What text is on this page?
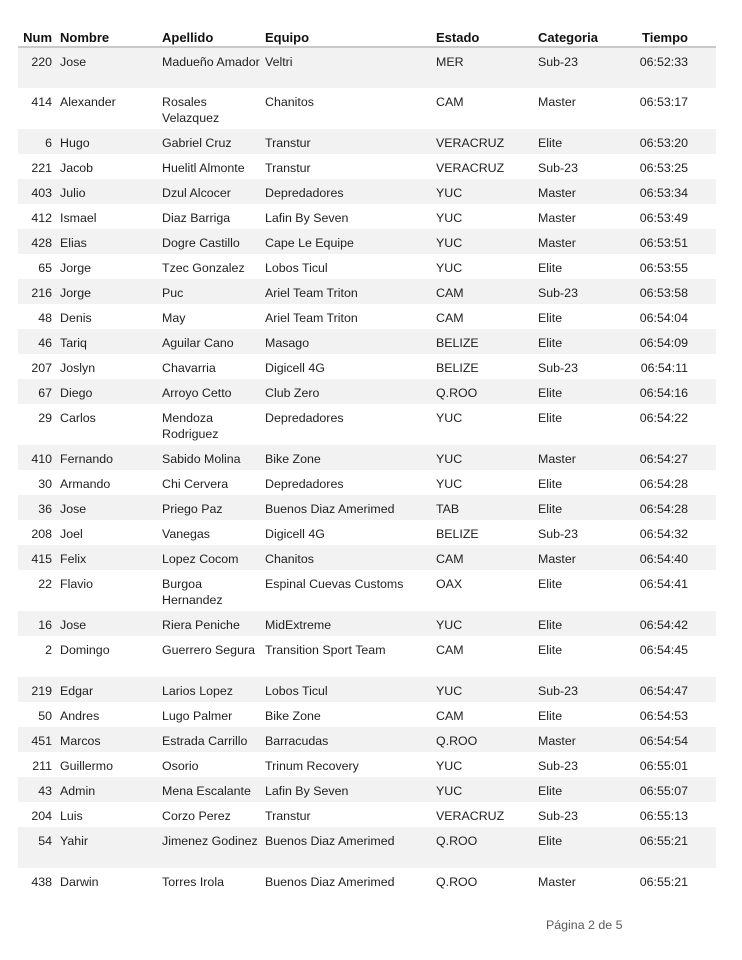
Num	Nombre	Apellido	Equipo	Estado	Categoria	Tiempo
220	Jose	Madueño Amador	Veltri	MER	Sub-23	06:52:33
414	Alexander	Rosales Velazquez	Chanitos	CAM	Master	06:53:17
6	Hugo	Gabriel Cruz	Transtur	VERACRUZ	Elite	06:53:20
221	Jacob	Huelitl Almonte	Transtur	VERACRUZ	Sub-23	06:53:25
403	Julio	Dzul Alcocer	Depredadores	YUC	Master	06:53:34
412	Ismael	Diaz Barriga	Lafin By Seven	YUC	Master	06:53:49
428	Elias	Dogre Castillo	Cape Le Equipe	YUC	Master	06:53:51
65	Jorge	Tzec Gonzalez	Lobos Ticul	YUC	Elite	06:53:55
216	Jorge	Puc	Ariel Team Triton	CAM	Sub-23	06:53:58
48	Denis	May	Ariel Team Triton	CAM	Elite	06:54:04
46	Tariq	Aguilar Cano	Masago	BELIZE	Elite	06:54:09
207	Joslyn	Chavarria	Digicell 4G	BELIZE	Sub-23	06:54:11
67	Diego	Arroyo Cetto	Club Zero	Q.ROO	Elite	06:54:16
29	Carlos	Mendoza Rodriguez	Depredadores	YUC	Elite	06:54:22
410	Fernando	Sabido Molina	Bike Zone	YUC	Master	06:54:27
30	Armando	Chi Cervera	Depredadores	YUC	Elite	06:54:28
36	Jose	Priego Paz	Buenos Diaz Amerimed	TAB	Elite	06:54:28
208	Joel	Vanegas	Digicell 4G	BELIZE	Sub-23	06:54:32
415	Felix	Lopez Cocom	Chanitos	CAM	Master	06:54:40
22	Flavio	Burgoa Hernandez	Espinal Cuevas Customs	OAX	Elite	06:54:41
16	Jose	Riera Peniche	MidExtreme	YUC	Elite	06:54:42
2	Domingo	Guerrero Segura	Transition Sport Team	CAM	Elite	06:54:45
219	Edgar	Larios Lopez	Lobos Ticul	YUC	Sub-23	06:54:47
50	Andres	Lugo Palmer	Bike Zone	CAM	Elite	06:54:53
451	Marcos	Estrada Carrillo	Barracudas	Q.ROO	Master	06:54:54
211	Guillermo	Osorio	Trinum Recovery	YUC	Sub-23	06:55:01
43	Admin	Mena Escalante	Lafin By Seven	YUC	Elite	06:55:07
204	Luis	Corzo Perez	Transtur	VERACRUZ	Sub-23	06:55:13
54	Yahir	Jimenez Godinez	Buenos Diaz Amerimed	Q.ROO	Elite	06:55:21
438	Darwin	Torres Irola	Buenos Diaz Amerimed	Q.ROO	Master	06:55:21
Página 2 de 5
